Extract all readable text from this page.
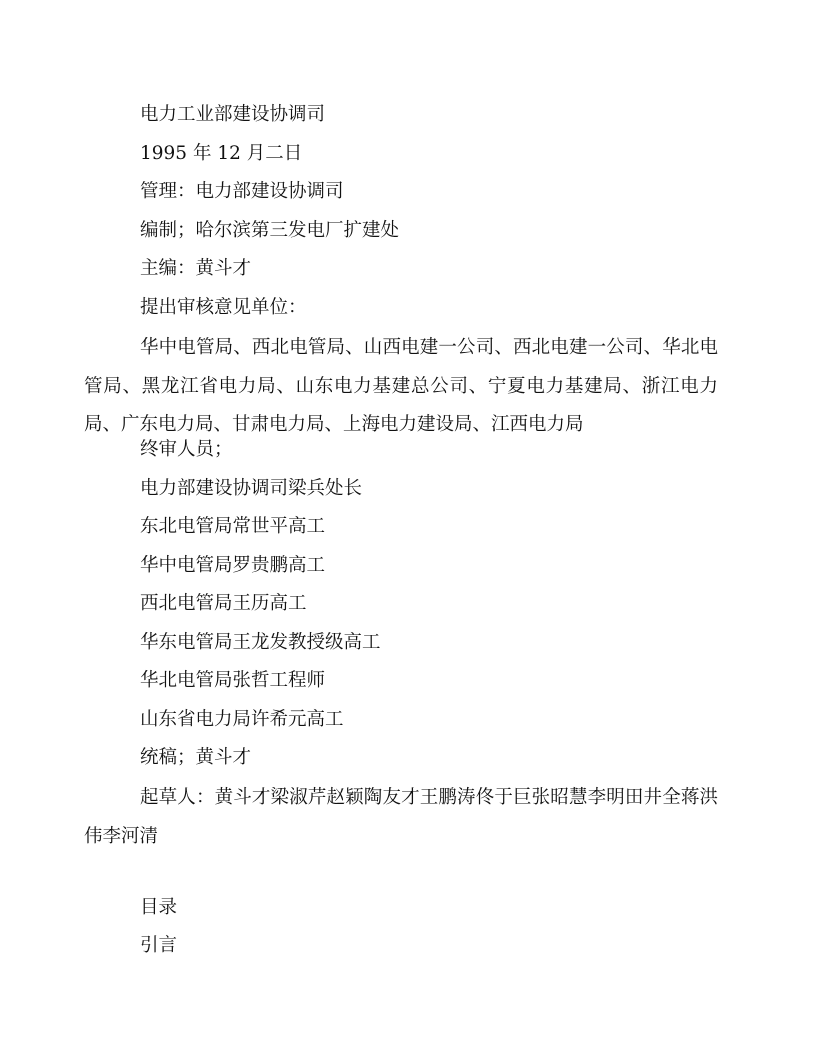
电力工业部建设协调司
1995 年 12 月二日
管理：电力部建设协调司
编制；哈尔滨第三发电厂扩建处
主编：黄斗才
提出审核意见单位：
华中电管局、西北电管局、山西电建一公司、西北电建一公司、华北电管局、黑龙江省电力局、山东电力基建总公司、宁夏电力基建局、浙江电力局、广东电力局、甘肃电力局、上海电力建设局、江西电力局
终审人员；
电力部建设协调司梁兵处长
东北电管局常世平高工
华中电管局罗贵鹏高工
西北电管局王历高工
华东电管局王龙发教授级高工
华北电管局张哲工程师
山东省电力局许希元高工
统稿；黄斗才
起草人：黄斗才梁淑芹赵颖陶友才王鹏涛佟于巨张昭慧李明田井全蒋洪伟李河清
目录
引言
